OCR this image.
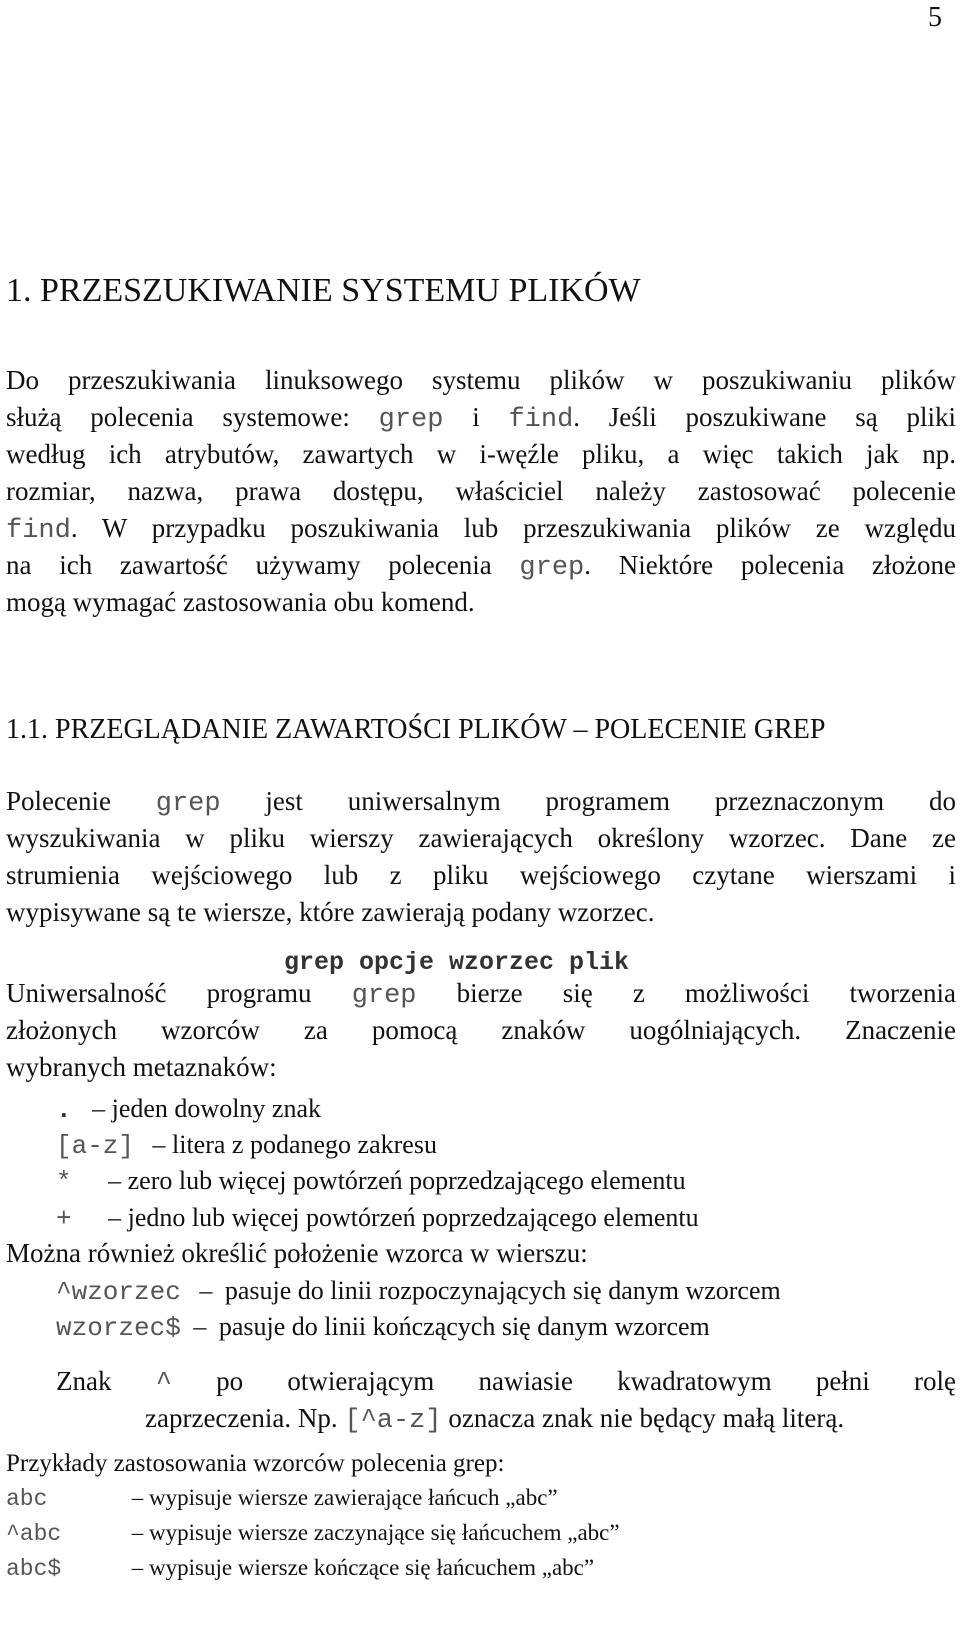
5
1. PRZESZUKIWANIE SYSTEMU PLIKÓW
Do przeszukiwania linuksowego systemu plików w poszukiwaniu plików
służą polecenia systemowe: grep i find. Jeśli poszukiwane są pliki
według ich atrybutów, zawartych w i-węźle pliku, a więc takich jak np.
rozmiar, nazwa, prawa dostępu, właściciel należy zastosować polecenie
find. W przypadku poszukiwania lub przeszukiwania plików ze względu
na ich zawartość używamy polecenia grep. Niektóre polecenia złożone
mogą wymagać zastosowania obu komend.
1.1. PRZEGLĄDANIE ZAWARTOŚCI PLIKÓW – POLECENIE GREP
Polecenie grep jest uniwersalnym programem przeznaczonym do
wyszukiwania w pliku wierszy zawierających określony wzorzec. Dane ze
strumienia wejściowego lub z pliku wejściowego czytane wierszami i
wypisywane są te wiersze, które zawierają podany wzorzec.
grep opcje wzorzec plik
Uniwersalność programu grep bierze się z możliwości tworzenia
złożonych wzorców za pomocą znaków uogólniających. Znaczenie
wybranych metaznaków:
. – jeden dowolny znak
[a-z] – litera z podanego zakresu
* – zero lub więcej powtórzeń poprzedzającego elementu
+ – jedno lub więcej powtórzeń poprzedzającego elementu
Można również określić położenie wzorca w wierszu:
^wzorzec – pasuje do linii rozpoczynających się danym wzorcem
wzorzec$ – pasuje do linii kończących się danym wzorcem
Znak ^ po otwierającym nawiasie kwadratowym pełni rolę
zaprzeczenia. Np. [^a-z] oznacza znak nie będący małą literą.
Przykłady zastosowania wzorców polecenia grep:
abc	– wypisuje wiersze zawierające łańcuch „abc”
^abc	– wypisuje wiersze zaczynające się łańcuchem „abc”
abc$	– wypisuje wiersze kończące się łańcuchem „abc”
